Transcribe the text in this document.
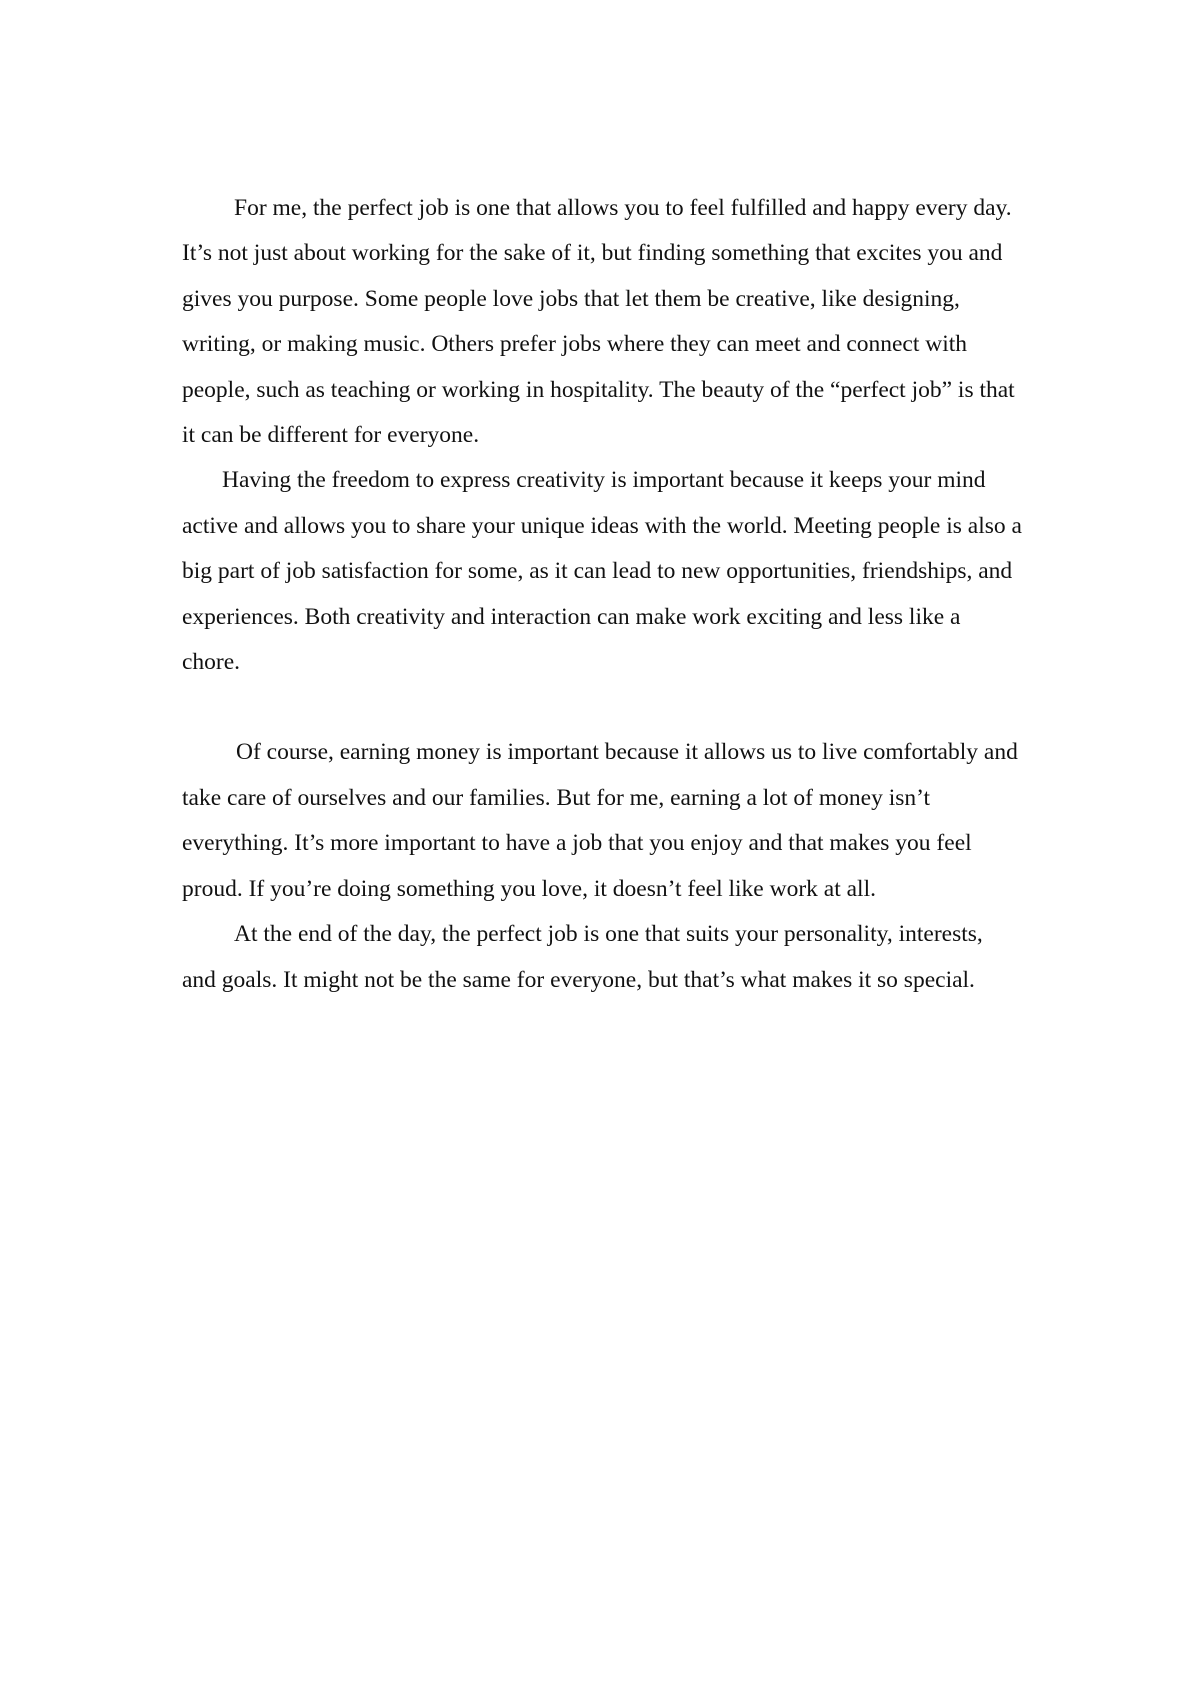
For me, the perfect job is one that allows you to feel fulfilled and happy every day. It’s not just about working for the sake of it, but finding something that excites you and gives you purpose. Some people love jobs that let them be creative, like designing, writing, or making music. Others prefer jobs where they can meet and connect with people, such as teaching or working in hospitality. The beauty of the “perfect job” is that it can be different for everyone.

Having the freedom to express creativity is important because it keeps your mind active and allows you to share your unique ideas with the world. Meeting people is also a big part of job satisfaction for some, as it can lead to new opportunities, friendships, and experiences. Both creativity and interaction can make work exciting and less like a chore.

Of course, earning money is important because it allows us to live comfortably and take care of ourselves and our families. But for me, earning a lot of money isn’t everything. It’s more important to have a job that you enjoy and that makes you feel proud. If you’re doing something you love, it doesn’t feel like work at all.

At the end of the day, the perfect job is one that suits your personality, interests, and goals. It might not be the same for everyone, but that’s what makes it so special.
